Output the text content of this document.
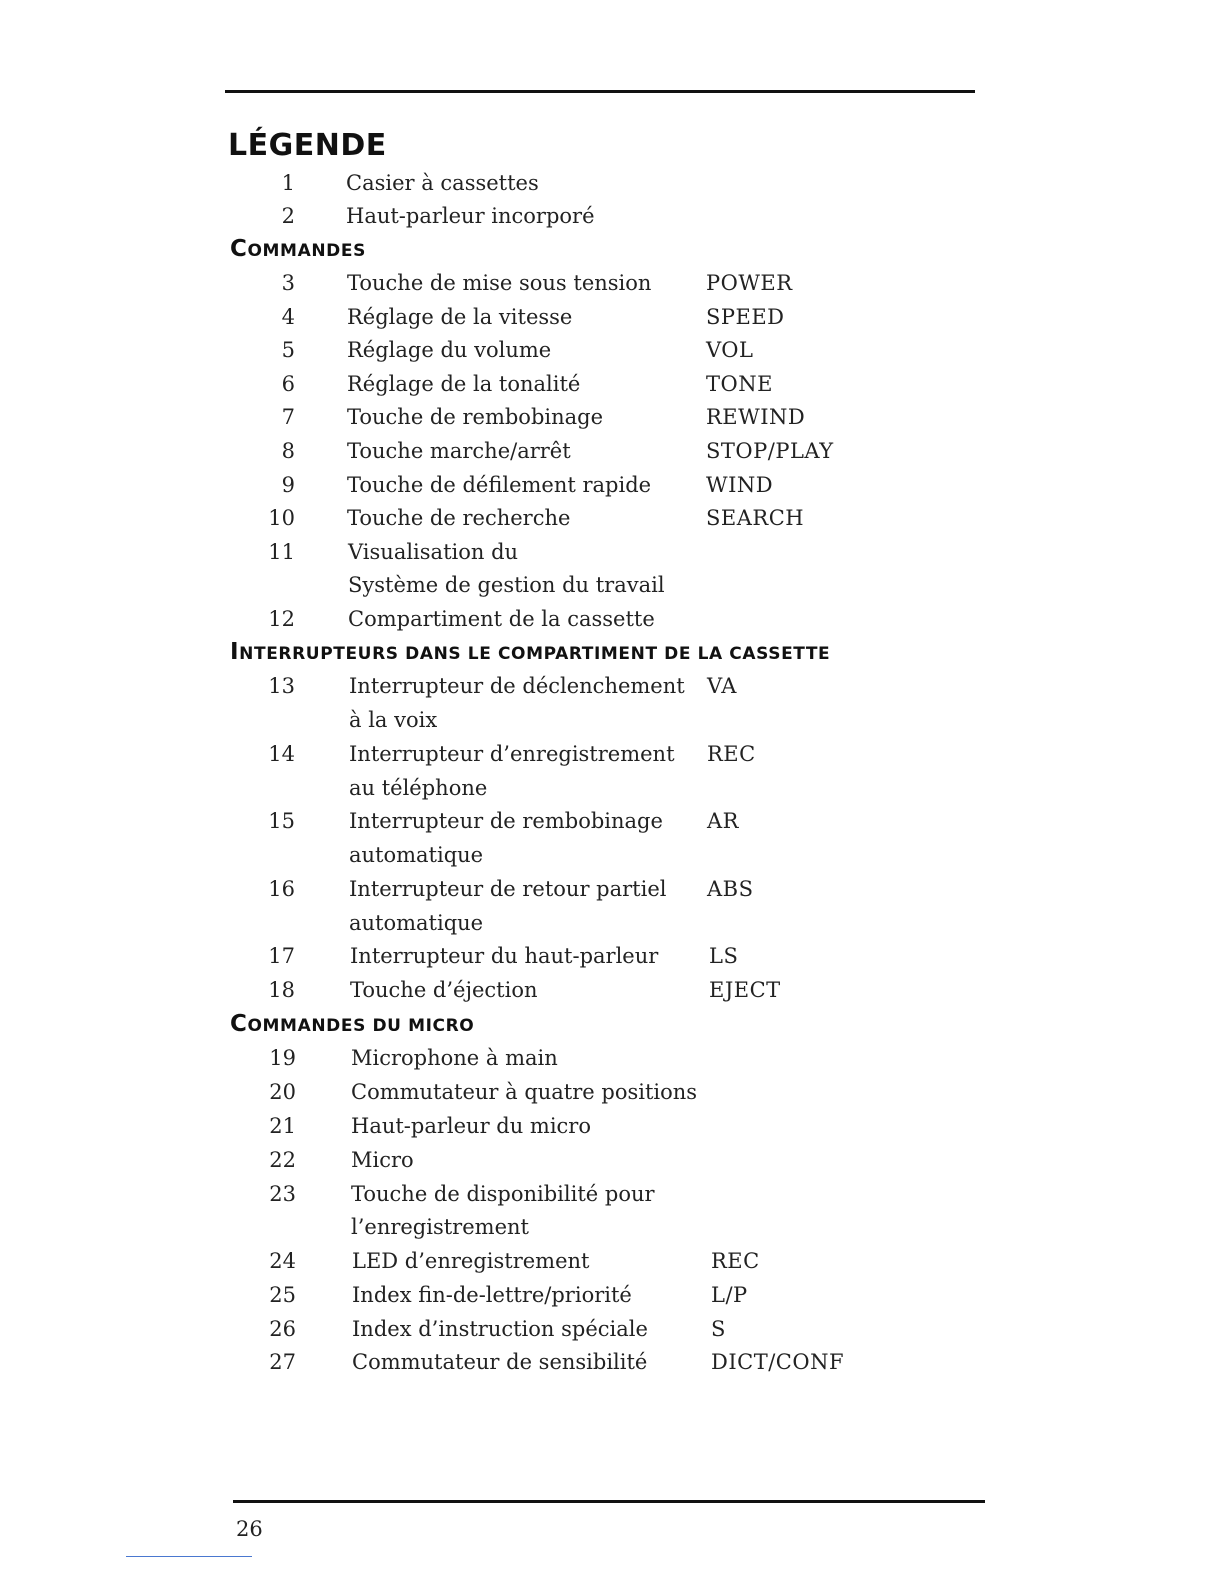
LÉGENDE
COMMANDES
INTERRUPTEURS DANS LE COMPARTIMENT DE LA CASSETTE
COMMANDES DU MICRO
1 Casier à cassettes
2 Haut-parleur incorporé
3 Touche de mise sous tension	POWER
4 Réglage de la vitesse	SPEED
5 Réglage du volume	VOL
6 Réglage de la tonalité	TONE
7 Touche de rembobinage	REWIND
8 Touche marche/arrêt	STOP/PLAY
9 Touche de défilement rapide	WIND
10 Touche de recherche	SEARCH
11	Visualisation du
Système de gestion du travail
12	Compartiment de la cassette
13	Interrupteur de déclenchement VA
à la voix
14	Interrupteur d’enregistrement REC
au téléphone
15	Interrupteur de rembobinage AR
automatique
16	Interrupteur de retour partiel ABS
automatique
17	Interrupteur du haut-parleur LS
18	Touche d’éjection	EJECT
19	Microphone à main
20	Commutateur à quatre positions
21	Haut-parleur du micro
22	Micro
23	Touche de disponibilité pour
l’enregistrement
24	LED d’enregistrement	REC
25	Index fin-de-lettre/priorité	L/P
26	Index d’instruction spéciale	S
27	Commutateur de sensibilité	DICT/CONF
26
